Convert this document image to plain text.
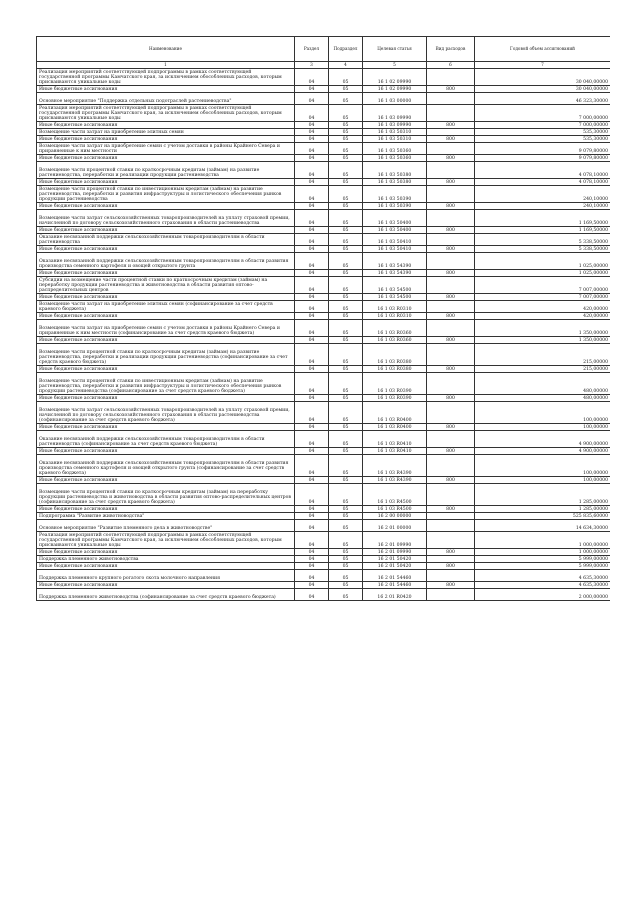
Наименование	Раздел	Подраздел	Целевая статья	Вид расходов	Годовой объем ассигнований
1	3	4	5	6	7
Реализация мероприятий соответствующей подпрограммы в рамках соответствующей государственной программы Камчатского края, за исключением обособленных расходов, которым присваиваются уникальные коды	04	05	16 1 02 09990		30 040,00000
Иные бюджетные ассигнования	04	05	16 1 02 09990	800	30 040,00000
Основное мероприятие "Поддержка отдельных подотраслей растениеводства"	04	05	16 1 03 00000		46 323,30000
Реализация мероприятий соответствующей подпрограммы в рамках соответствующей государственной программы Камчатского края, за исключением обособленных расходов, которым присваиваются уникальные коды	04	05	16 1 03 09990		7 000,00000
Иные бюджетные ассигнования	04	05	16 1 03 09990	800	7 000,00000
Возмещение части затрат на приобретение элитных семян	04	05	16 1 03 50310		535,30000
Иные бюджетные ассигнования	04	05	16 1 03 50310	800	535,30000
Возмещение части затрат на приобретение семян с учетом доставки в районы Крайнего Севера и приравненные к ним местности	04	05	16 1 03 50360		9 079,80000
Иные бюджетные ассигнования	04	05	16 1 03 50360	800	9 079,80000
Возмещение части процентной ставки по краткосрочным кредитам (займам) на развитие растениеводства, переработки и реализации продукции растениеводства	04	05	16 1 03 50380		4 078,10000
Иные бюджетные ассигнования	04	05	16 1 03 50380	800	4 078,10000
Возмещение части процентной ставки по инвестиционным кредитам (займам) на развитие растениеводства, переработки и развития инфраструктуры и логистического обеспечения рынков продукции растениеводства	04	05	16 1 03 50390		240,10000
Иные бюджетные ассигнования	04	05	16 1 03 50390	800	240,10000
Возмещение части затрат сельскохозяйственных товаропроизводителей на уплату страховой премии, начисленной по договору сельскохозяйственного страхования в области растениеводства	04	05	16 1 03 50400		1 169,50000
Иные бюджетные ассигнования	04	05	16 1 03 50400	800	1 169,50000
Оказание несвязанной поддержки сельскохозяйственным товаропроизводителям в области растениеводства	04	05	16 1 03 50410		5 338,50000
Иные бюджетные ассигнования	04	05	16 1 03 50410	800	5 338,50000
Оказание несвязанной поддержки сельскохозяйственным товаропроизводителям в области развития производства семенного картофеля и овощей открытого грунта	04	05	16 1 03 54390		1 025,00000
Иные бюджетные ассигнования	04	05	16 1 03 54390	800	1 025,00000
Субсидии на возмещение части процентной ставки по краткосрочным кредитам (займам) на переработку продукции растениеводства и животноводства в области развития оптово-распределительных центров	04	05	16 1 03 54500		7 007,00000
Иные бюджетные ассигнования	04	05	16 1 03 54500	800	7 007,00000
Возмещение части затрат на приобретение элитных семян (софинансирование за счет средств краевого бюджета)	04	05	16 1 03 R0310		420,00000
Иные бюджетные ассигнования	04	05	16 1 03 R0310	800	420,00000
Возмещение части затрат на приобретение семян с учетом доставки в районы Крайнего Севера и приравненные к ним местности (софинансирование за счет средств краевого бюджета)	04	05	16 1 03 R0360		1 350,00000
Иные бюджетные ассигнования	04	05	16 1 03 R0360	800	1 350,00000
Возмещение части процентной ставки по краткосрочным кредитам (займам) на развитие растениеводства, переработки и реализации продукции растениеводства (софинансирование за счет средств краевого бюджета)	04	05	16 1 03 R0380		215,00000
Иные бюджетные ассигнования	04	05	16 1 03 R0380	800	215,00000
Возмещение части процентной ставки по инвестиционным кредитам (займам) на развитие растениеводства, переработки и развития инфраструктуры и логистического обеспечения рынков продукции растениеводства (софинансирование за счет средств краевого бюджета)	04	05	16 1 03 R0390		480,00000
Иные бюджетные ассигнования	04	05	16 1 03 R0390	800	480,00000
Возмещение части затрат сельскохозяйственных товаропроизводителей на уплату страховой премии, начисленной по договору сельскохозяйственного страхования в области растениеводства (софинансирование за счет средств краевого бюджета)	04	05	16 1 03 R0400		100,00000
Иные бюджетные ассигнования	04	05	16 1 03 R0400	800	100,00000
Оказание несвязанной поддержки сельскохозяйственным товаропроизводителям в области растениеводства (софинансирование за счет средств краевого бюджета)	04	05	16 1 03 R0410		4 900,00000
Иные бюджетные ассигнования	04	05	16 1 03 R0410	800	4 900,00000
Оказание несвязанной поддержки сельскохозяйственным товаропроизводителям в области развития производства семенного картофеля и овощей открытого грунта (софинансирование за счет средств краевого бюджета)	04	05	16 1 03 R4390		100,00000
Иные бюджетные ассигнования	04	05	16 1 03 R4390	800	100,00000
Возмещение части процентной ставки по краткосрочным кредитам (займам) на переработку продукции растениеводства и животноводства в области развития оптово-распределительных центров (софинансирование за счет средств краевого бюджета)	04	05	16 1 03 R4500		1 285,00000
Иные бюджетные ассигнования	04	05	16 1 03 R4500	800	1 285,00000
Подпрограмма "Развитие животноводства"	04	05	16 2 00 00000		525 835,60000
Основное мероприятие "Развитие племенного дела в животноводстве"	04	05	16 2 01 00000		14 634,30000
Реализация мероприятий соответствующей подпрограммы в рамках соответствующей государственной программы Камчатского края, за исключением обособленных расходов, которым присваиваются уникальные коды	04	05	16 2 01 09990		1 000,00000
Иные бюджетные ассигнования	04	05	16 2 01 09990	800	1 000,00000
Поддержка племенного животноводства	04	05	16 2 01 50420		5 999,00000
Иные бюджетные ассигнования	04	05	16 2 01 50420	800	5 999,00000
Поддержка племенного крупного рогатого скота молочного направления	04	05	16 2 01 54460		4 635,30000
Иные бюджетные ассигнования	04	05	16 2 01 54460	800	4 635,30000
Поддержка племенного животноводства (софинансирование за счет средств краевого бюджета)	04	05	16 2 01 R0420		2 000,00000
